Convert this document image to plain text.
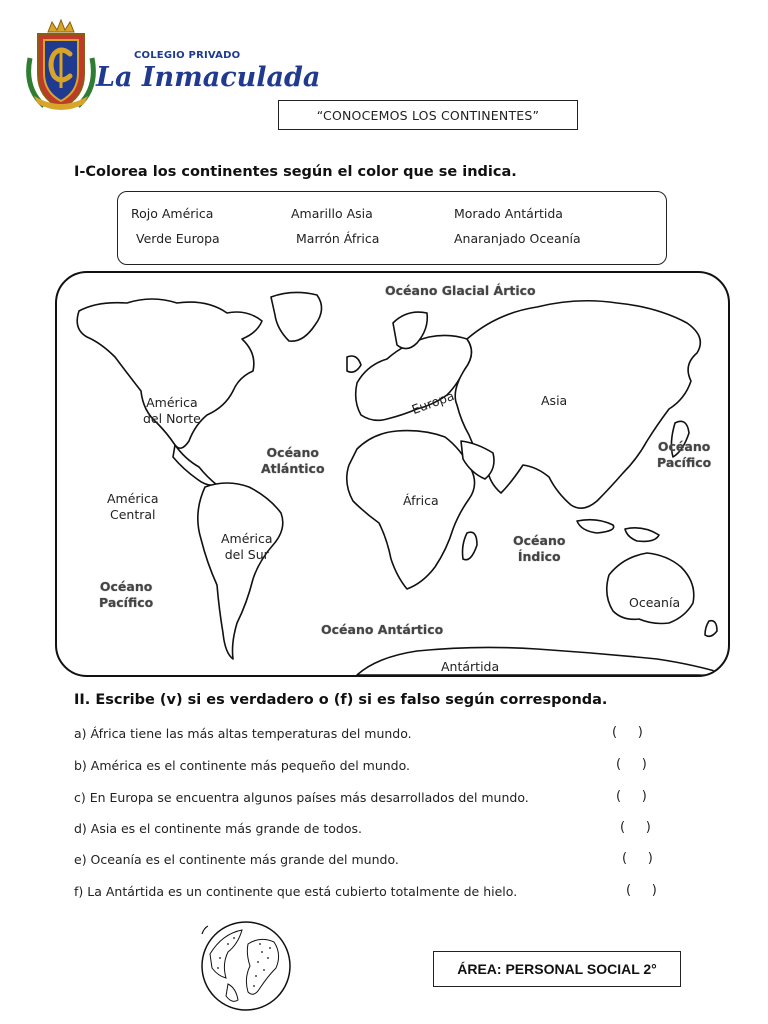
COLEGIO PRIVADO
La Inmaculada
“CONOCEMOS LOS CONTINENTES”
I-Colorea los continentes según el color que se indica.
Rojo América	Amarillo Asia	Morado Antártida
Verde Europa	Marrón África	Anaranjado Oceanía
América
del Norte
América
Central
América
del Sur
Europa	Asia
África
Oceanía
Antártida
Océano Glacial Ártico
Océano
Atlántico
Océano
Pacífico
Océano
Pacífico
Océano
Índico
Océano Antártico
II. Escribe (v) si es verdadero o (f) si es falso según corresponda.
a) África tiene las más altas temperaturas del mundo.	(     )
b) América es el continente más pequeño del mundo.	(     )
c) En Europa se encuentra algunos países más desarrollados del mundo.	(     )
d) Asia es el continente más grande de todos.	(     )
e) Oceanía es el continente más grande del mundo.	(     )
f) La Antártida es un continente que está cubierto totalmente de hielo.	(     )
ÁREA: PERSONAL SOCIAL 2°
